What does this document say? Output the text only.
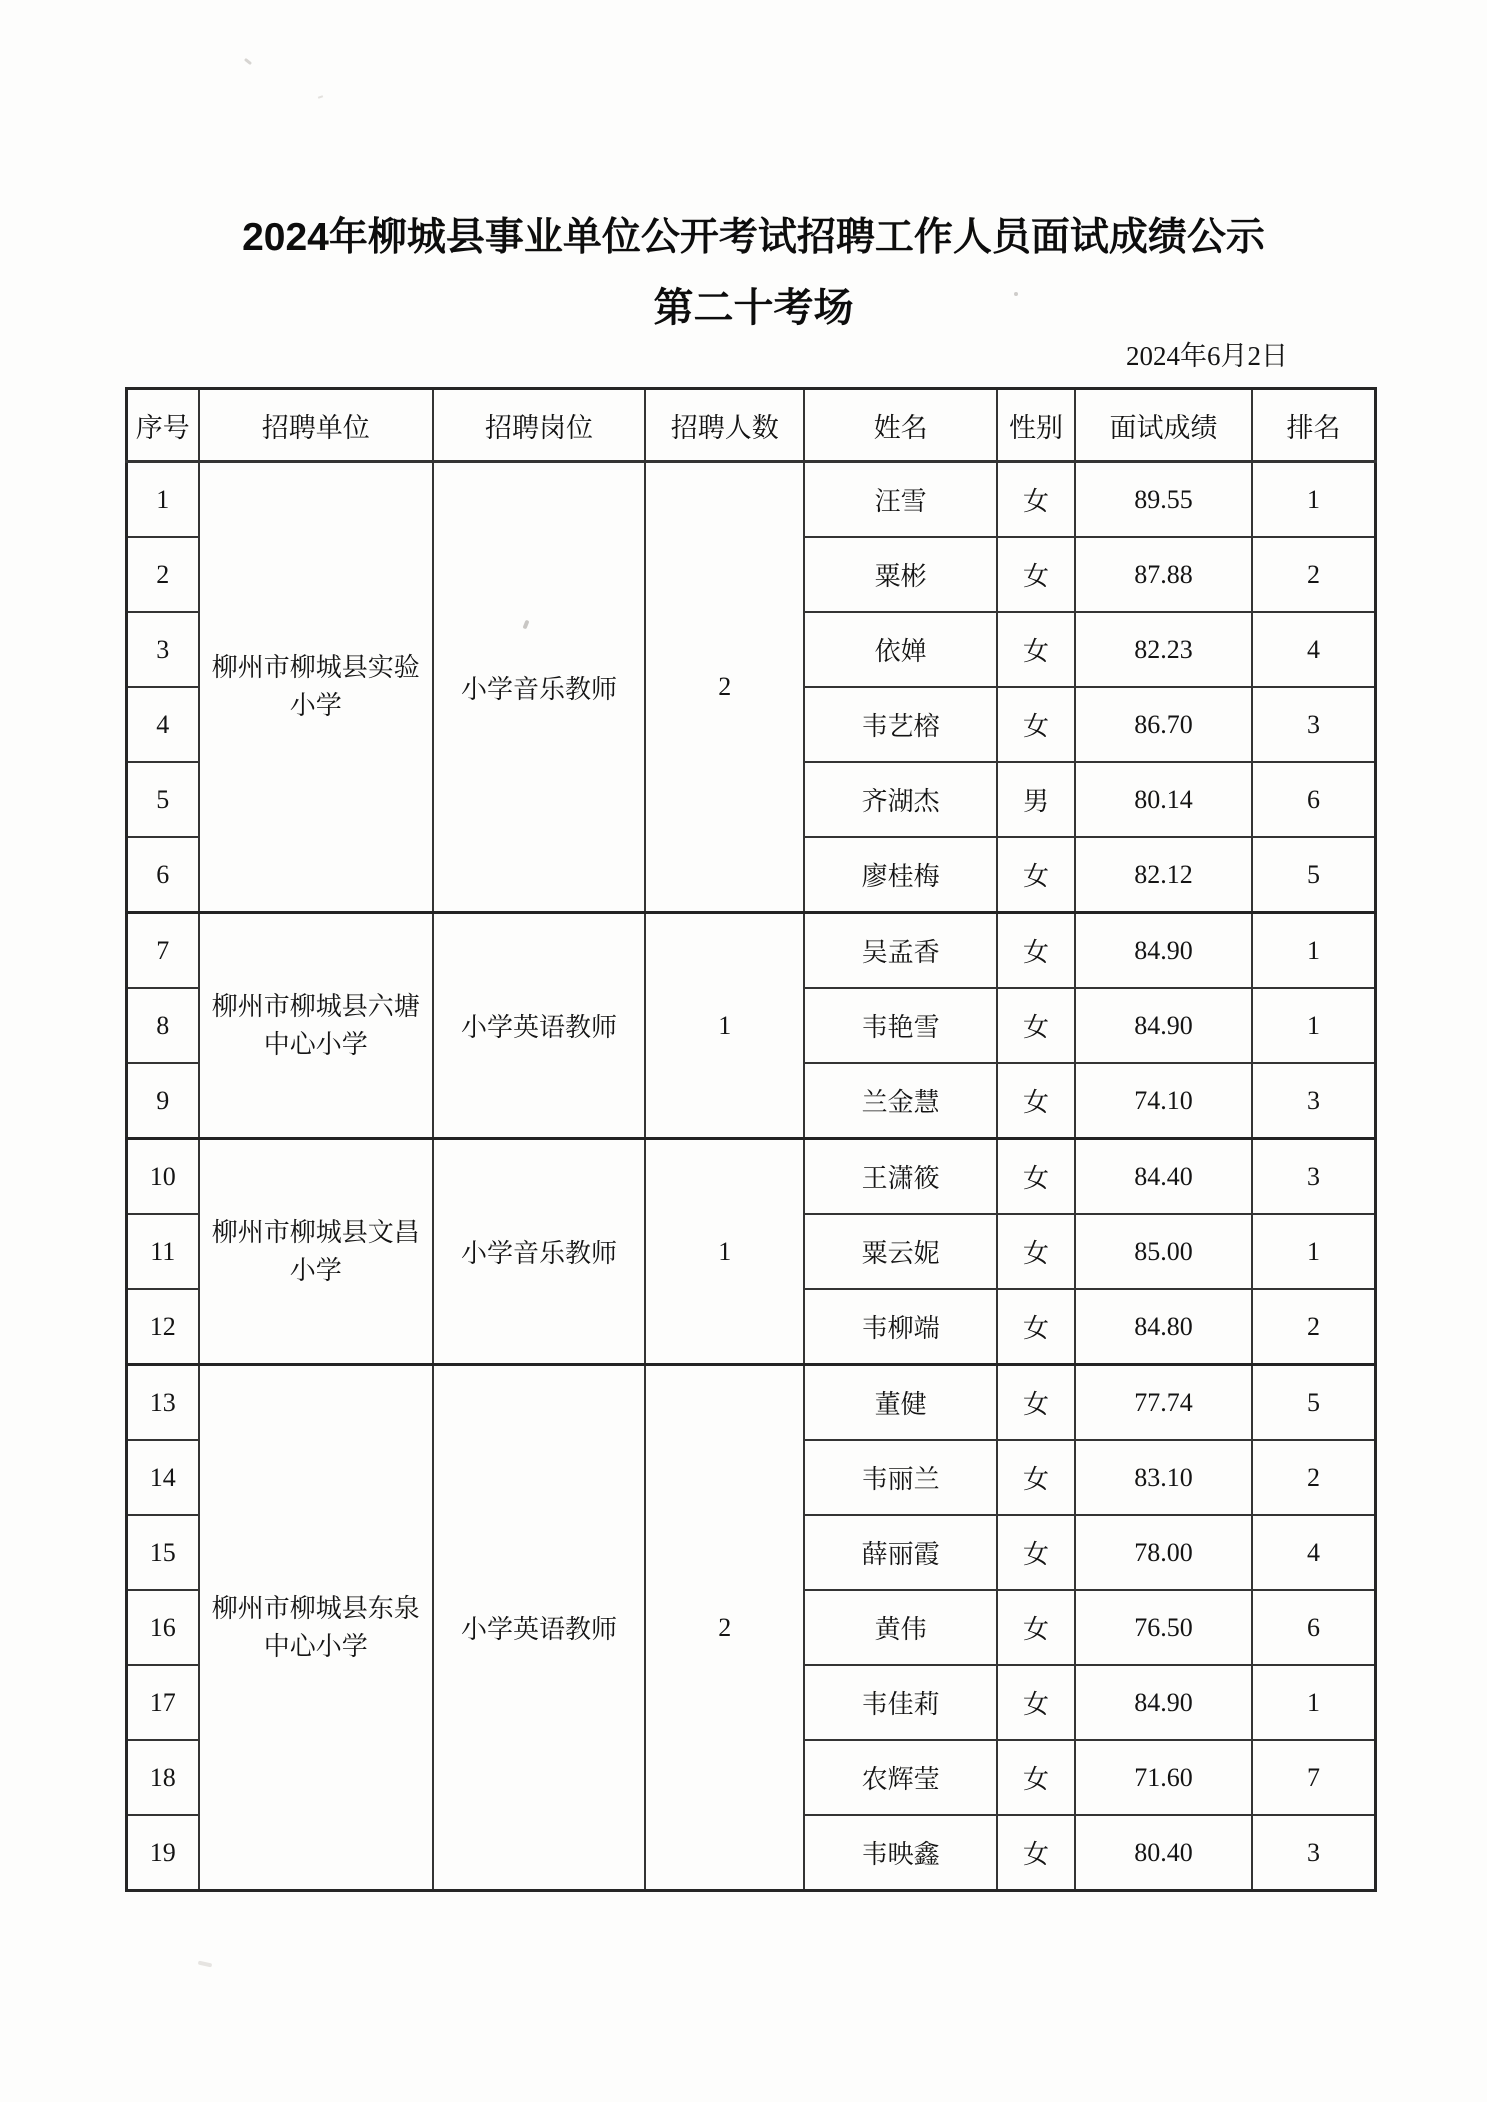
2024年柳城县事业单位公开考试招聘工作人员面试成绩公示
第二十考场
2024年6月2日
序号	招聘单位	招聘岗位	招聘人数	姓名	性别	面试成绩	排名
1	柳州市柳城县实验小学	小学音乐教师	2	汪雪	女	89.55	1
2				粟彬	女	87.88	2
3				依婵	女	82.23	4
4				韦艺榕	女	86.70	3
5				齐湖杰	男	80.14	6
6				廖桂梅	女	82.12	5
7	柳州市柳城县六塘中心小学	小学英语教师	1	吴孟香	女	84.90	1
8				韦艳雪	女	84.90	1
9				兰金慧	女	74.10	3
10	柳州市柳城县文昌小学	小学音乐教师	1	王潇筱	女	84.40	3
11				粟云妮	女	85.00	1
12				韦柳端	女	84.80	2
13	柳州市柳城县东泉中心小学	小学英语教师	2	董健	女	77.74	5
14				韦丽兰	女	83.10	2
15				薛丽霞	女	78.00	4
16				黄伟	女	76.50	6
17				韦佳莉	女	84.90	1
18				农辉莹	女	71.60	7
19				韦映鑫	女	80.40	3
